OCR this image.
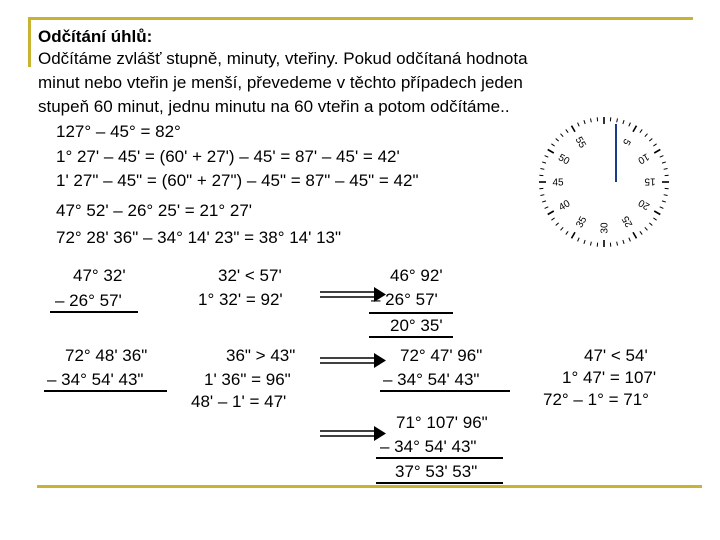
Odčítání úhlů:
Odčítáme zvlášť stupně, minuty, vteřiny. Pokud odčítaná hodnota
minut nebo vteřin je menší, převedeme v těchto případech jeden
stupeň 60 minut, jednu minutu na 60 vteřin a potom odčítáme..
127° – 45° = 82°
1° 27' – 45' = (60' + 27') – 45' = 87' – 45' = 42'
1' 27" – 45" = (60" + 27") – 45" = 87" – 45" = 42"
47° 52' – 26° 25' = 21° 27'
72° 28' 36" – 34° 14' 23" = 38° 14' 13"
55	5
10
15
20
25
30
35
40
45
50
47° 32'
– 26° 57'
72° 48' 36"
– 34° 54' 43"
32' < 57'
1° 32' = 92'
36" > 43"
1' 36" = 96"
48' – 1' = 47'
46° 92'
– 26° 57'
20° 35'
72° 47' 96"
– 34° 54' 43"
71° 107' 96"
– 34° 54' 43"
37° 53' 53"
47' < 54'
1° 47' = 107'
72° – 1° = 71°
